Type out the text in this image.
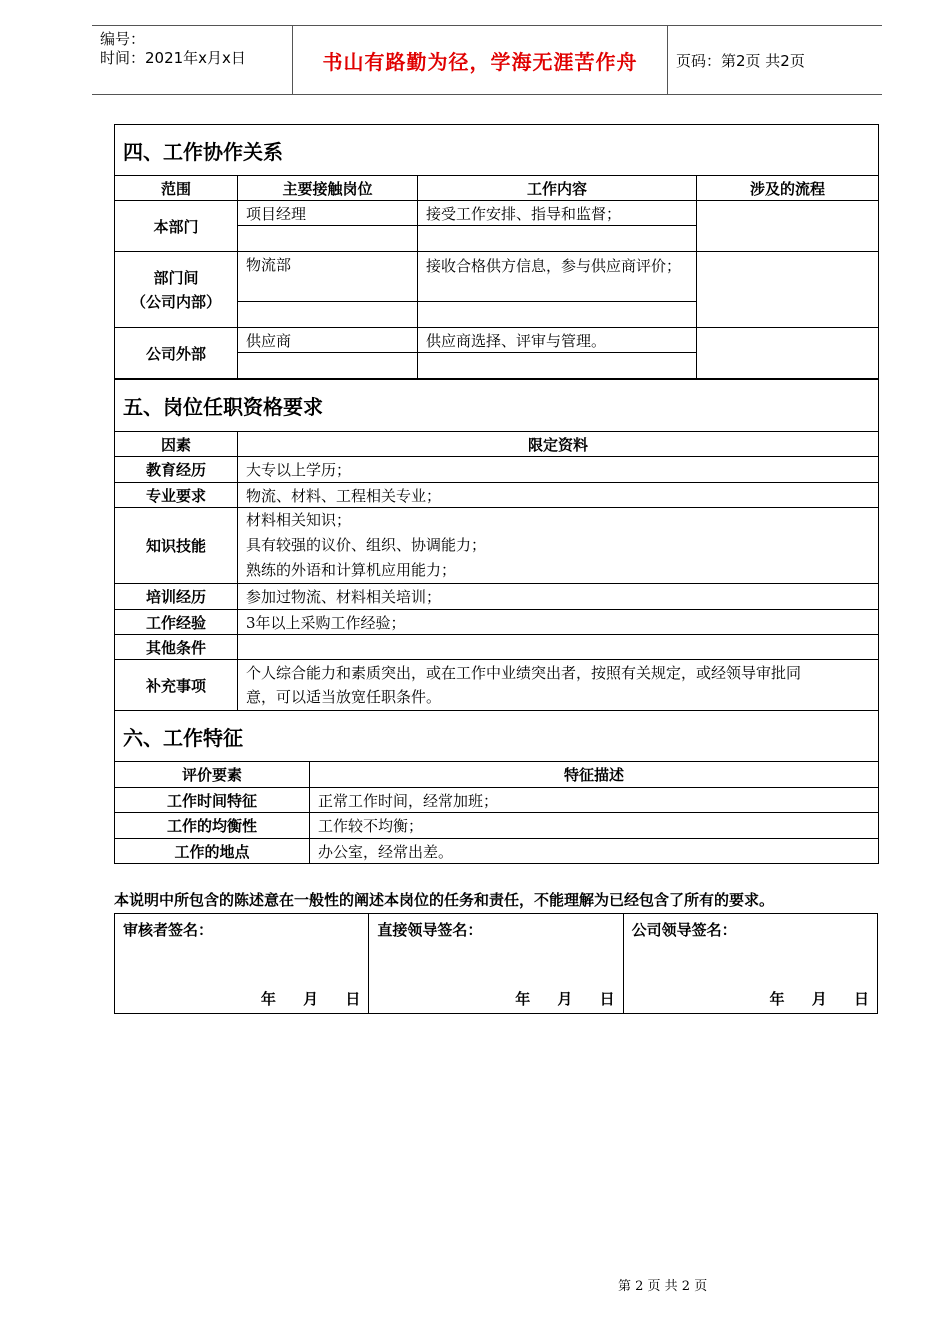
编号：
时间：2021年x月x日	书山有路勤为径，学海无涯苦作舟	页码：第2页 共2页
四、工作协作关系			
范围	主要接触岗位	工作内容	涉及的流程
本部门	项目经理	接受工作安排、指导和监督；	

部门间
（公司内部）	物流部	接收合格供方信息，参与供应商评价；	

公司外部	供应商	供应商选择、评审与管理。	

五、岗位任职资格要求	
因素	限定资料
教育经历	大专以上学历；
专业要求	物流、材料、工程相关专业；
知识技能	材料相关知识；
具有较强的议价、组织、协调能力；
熟练的外语和计算机应用能力；

培训经历	参加过物流、材料相关培训；
工作经验	3年以上采购工作经验；
其他条件	
补充事项	个人综合能力和素质突出，或在工作中业绩突出者，按照有关规定，或经领导审批同
意，可以适当放宽任职条件。
六、工作特征	
评价要素	特征描述
工作时间特征	正常工作时间，经常加班；
工作的均衡性	工作较不均衡；
工作的地点	办公室，经常出差。
本说明中所包含的陈述意在一般性的阐述本岗位的任务和责任，不能理解为已经包含了所有的要求。
审核者签名：
年 月 日
直接领导签名：
年 月 日
公司领导签名：
年 月 日
第 2 页 共 2 页
